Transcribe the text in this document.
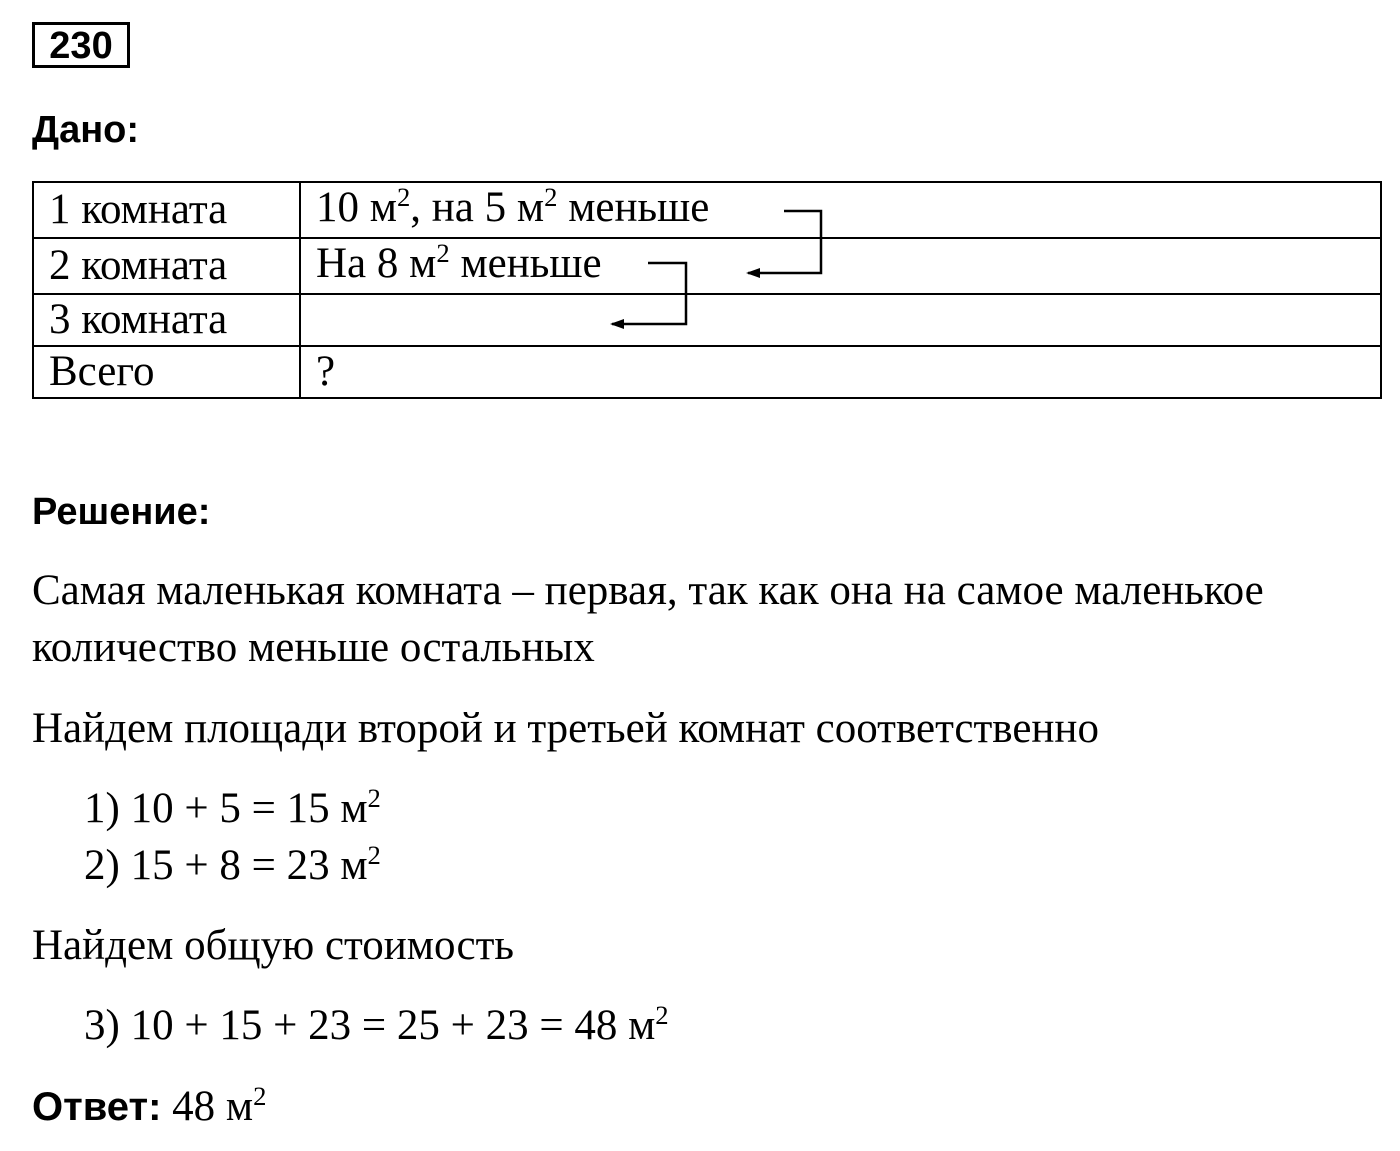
230
Дано:
1 комната	10 $м^2$, на 5 $м^2$ меньше
2 комната	На 8 $м^2$ меньше
3 комната	
Всего	?
Решение:
Самая маленькая комната – первая, так как она на самое маленькое
количество меньше остальных
Найдем площади второй и третьей комнат соответственно
1) 10 + 5 = 15 $м^2$
2) 15 + 8 = 23 $м^2$
Найдем общую стоимость
3) 10 + 15 + 23 = 25 + 23 = 48 $м^2$
Ответ: 48 $м^2$
